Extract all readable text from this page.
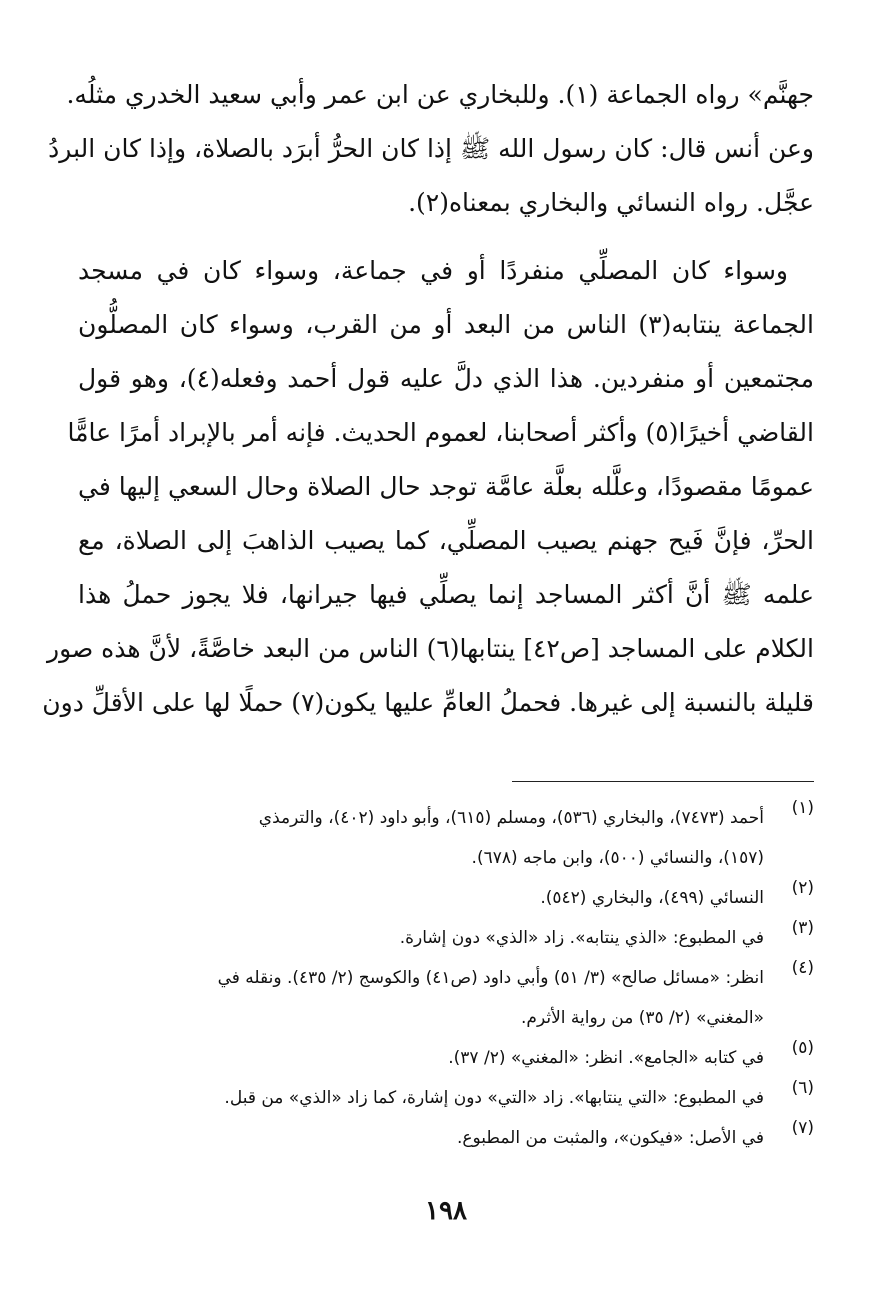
جهنَّم» رواه الجماعة (١). وللبخاري عن ابن عمر وأبي سعيد الخدري مثلُه.
وعن أنس قال: كان رسول الله ﷺ إذا كان الحرُّ أبرَد بالصلاة، وإذا كان البردُ
عجَّل. رواه النسائي والبخاري بمعناه(٢).
وسواء كان المصلِّي منفردًا أو في جماعة، وسواء كان في مسجد
الجماعة ينتابه(٣) الناس من البعد أو من القرب، وسواء كان المصلُّون
مجتمعين أو منفردين. هذا الذي دلَّ عليه قول أحمد وفعله(٤)، وهو قول
القاضي أخيرًا(٥) وأكثر أصحابنا، لعموم الحديث. فإنه أمر بالإبراد أمرًا عامًّا
عمومًا مقصودًا، وعلَّله بعلَّة عامَّة توجد حال الصلاة وحال السعي إليها في
الحرِّ، فإنَّ فَيح جهنم يصيب المصلِّي، كما يصيب الذاهبَ إلى الصلاة، مع
علمه ﷺ أنَّ أكثر المساجد إنما يصلِّي فيها جيرانها، فلا يجوز حملُ هذا
الكلام على المساجد [ص٤٢] ينتابها(٦) الناس من البعد خاصَّةً، لأنَّ هذه صور
قليلة بالنسبة إلى غيرها. فحملُ العامِّ عليها يكون(٧) حملًا لها على الأقلِّ دون
(١)
أحمد (٧٤٧٣)، والبخاري (٥٣٦)، ومسلم (٦١٥)، وأبو داود (٤٠٢)، والترمذي
(١٥٧)، والنسائي (٥٠٠)، وابن ماجه (٦٧٨).
(٢)
النسائي (٤٩٩)، والبخاري (٥٤٢).
(٣)
في المطبوع: «الذي ينتابه». زاد «الذي» دون إشارة.
(٤)
انظر: «مسائل صالح» (٣/ ٥١) وأبي داود (ص٤١) والكوسج (٢/ ٤٣٥). ونقله في
«المغني» (٢/ ٣٥) من رواية الأثرم.
(٥)
في كتابه «الجامع». انظر: «المغني» (٢/ ٣٧).
(٦)
في المطبوع: «التي ينتابها». زاد «التي» دون إشارة، كما زاد «الذي» من قبل.
(٧)
في الأصل: «فيكون»، والمثبت من المطبوع.
١٩٨
